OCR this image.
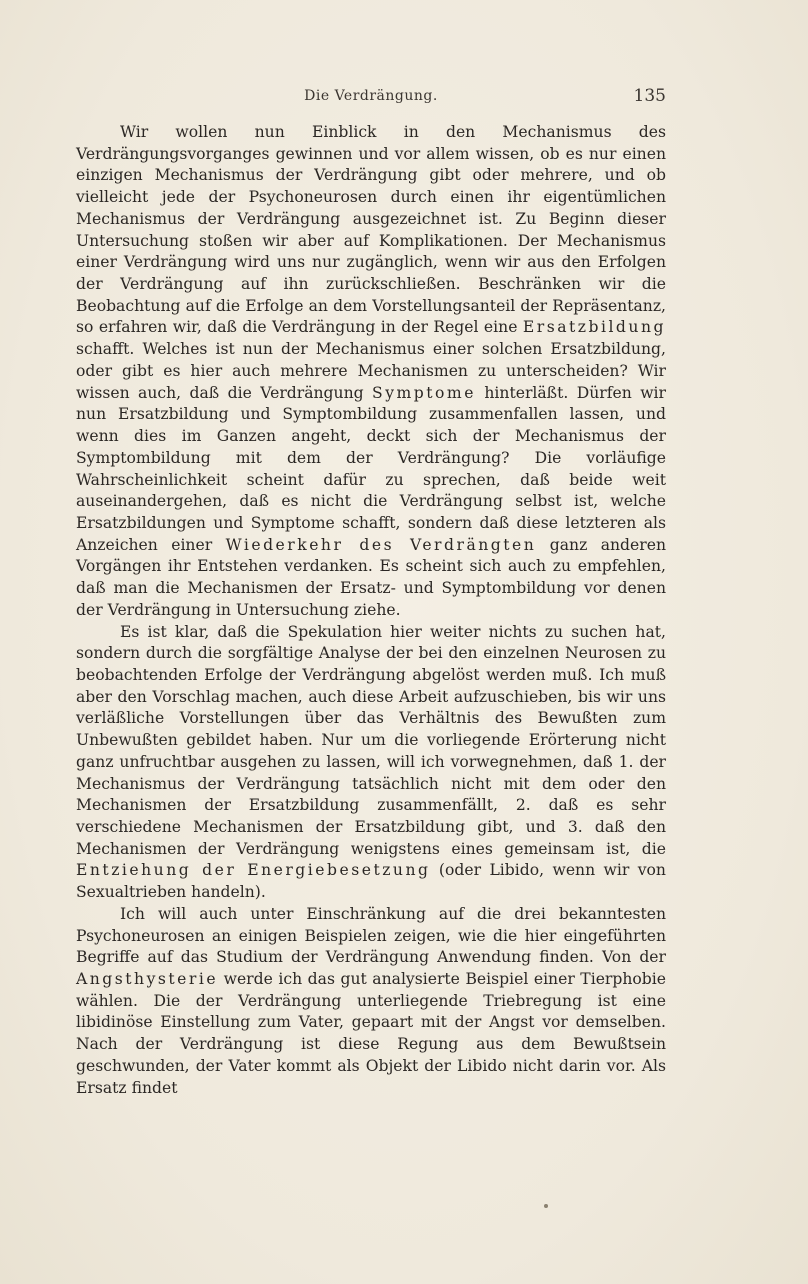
Die Verdrängung.	135

Wir wollen nun Einblick in den Mechanismus des Verdrängungsvorganges gewinnen und vor allem wissen, ob es nur einen einzigen Mechanismus der Verdrängung gibt oder mehrere, und ob vielleicht jede der Psychoneurosen durch einen ihr eigentümlichen Mechanismus der Verdrängung ausgezeichnet ist. Zu Beginn dieser Untersuchung stoßen wir aber auf Komplikationen. Der Mechanismus einer Verdrängung wird uns nur zugänglich, wenn wir aus den Erfolgen der Verdrängung auf ihn zurückschließen. Beschränken wir die Beobachtung auf die Erfolge an dem Vorstellungsanteil der Repräsentanz, so erfahren wir, daß die Verdrängung in der Regel eine Ersatzbildung schafft. Welches ist nun der Mechanismus einer solchen Ersatzbildung, oder gibt es hier auch mehrere Mechanismen zu unterscheiden? Wir wissen auch, daß die Verdrängung Symptome hinterläßt. Dürfen wir nun Ersatzbildung und Symptombildung zusammenfallen lassen, und wenn dies im Ganzen angeht, deckt sich der Mechanismus der Symptombildung mit dem der Verdrängung? Die vorläufige Wahrscheinlichkeit scheint dafür zu sprechen, daß beide weit auseinandergehen, daß es nicht die Verdrängung selbst ist, welche Ersatzbildungen und Symptome schafft, sondern daß diese letzteren als Anzeichen einer Wiederkehr des Verdrängten ganz anderen Vorgängen ihr Entstehen verdanken. Es scheint sich auch zu empfehlen, daß man die Mechanismen der Ersatz- und Symptombildung vor denen der Verdrängung in Untersuchung ziehe.

Es ist klar, daß die Spekulation hier weiter nichts zu suchen hat, sondern durch die sorgfältige Analyse der bei den einzelnen Neurosen zu beobachtenden Erfolge der Verdrängung abgelöst werden muß. Ich muß aber den Vorschlag machen, auch diese Arbeit aufzuschieben, bis wir uns verläßliche Vorstellungen über das Verhältnis des Bewußten zum Unbewußten gebildet haben. Nur um die vorliegende Erörterung nicht ganz unfruchtbar ausgehen zu lassen, will ich vorwegnehmen, daß 1. der Mechanismus der Verdrängung tatsächlich nicht mit dem oder den Mechanismen der Ersatzbildung zusammenfällt, 2. daß es sehr verschiedene Mechanismen der Ersatzbildung gibt, und 3. daß den Mechanismen der Verdrängung wenigstens eines gemeinsam ist, die Entziehung der Energiebesetzung (oder Libido, wenn wir von Sexualtrieben handeln).

Ich will auch unter Einschränkung auf die drei bekanntesten Psychoneurosen an einigen Beispielen zeigen, wie die hier eingeführten Begriffe auf das Studium der Verdrängung Anwendung finden. Von der Angsthysterie werde ich das gut analysierte Beispiel einer Tierphobie wählen. Die der Verdrängung unterliegende Triebregung ist eine libidinöse Einstellung zum Vater, gepaart mit der Angst vor demselben. Nach der Verdrängung ist diese Regung aus dem Bewußtsein geschwunden, der Vater kommt als Objekt der Libido nicht darin vor. Als Ersatz findet
